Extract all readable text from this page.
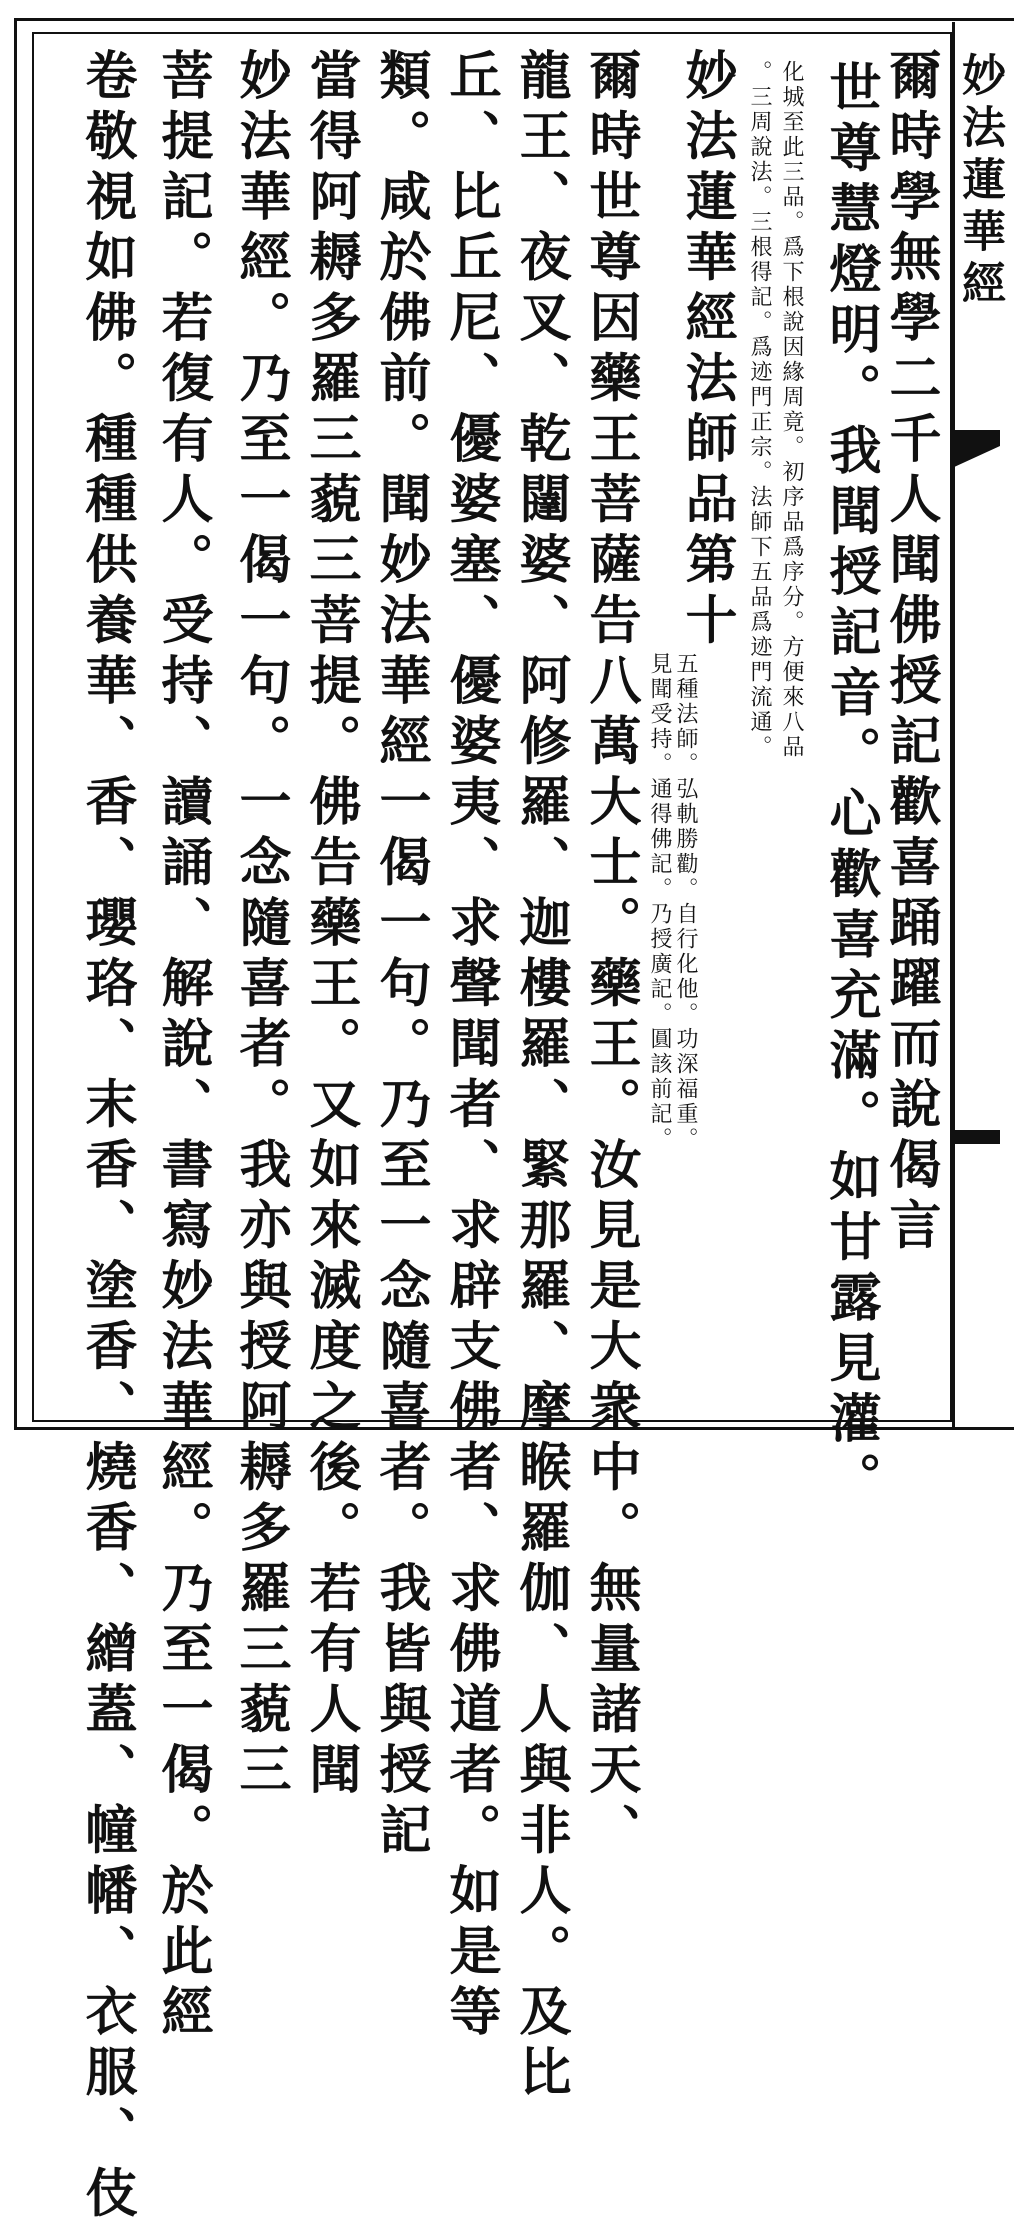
妙法蓮華經
爾時學無學二千人聞佛授記歡喜踊躍而說偈言
世尊慧燈明。我聞授記音。心歡喜充滿。如甘露見灌。
化城至此三品。爲下根說因緣周竟。初序品爲序分。方便來八品
。三周說法。三根得記。爲迹門正宗。法師下五品爲迹門流通。
妙法蓮華經法師品第十
五種法師。弘軌勝勸。自行化他。功深福重。
見聞受持。通得佛記。乃授廣記。圓該前記。
爾時世尊因藥王菩薩告八萬大士。藥王。汝見是大衆中。無量諸天、
龍王、夜叉、乾闥婆、阿修羅、迦樓羅、緊那羅、摩睺羅伽、人與非人。及比
丘、比丘尼、優婆塞、優婆夷、求聲聞者、求辟支佛者、求佛道者。如是等
類。咸於佛前。聞妙法華經一偈一句。乃至一念隨喜者。我皆與授記
當得阿耨多羅三藐三菩提。佛告藥王。又如來滅度之後。若有人聞
妙法華經。乃至一偈一句。一念隨喜者。我亦與授阿耨多羅三藐三
菩提記。若復有人。受持、讀誦、解說、書寫妙法華經。乃至一偈。於此經
卷敬視如佛。種種供養華、香、瓔珞、末香、塗香、燒香、繒蓋、幢幡、衣服、伎
